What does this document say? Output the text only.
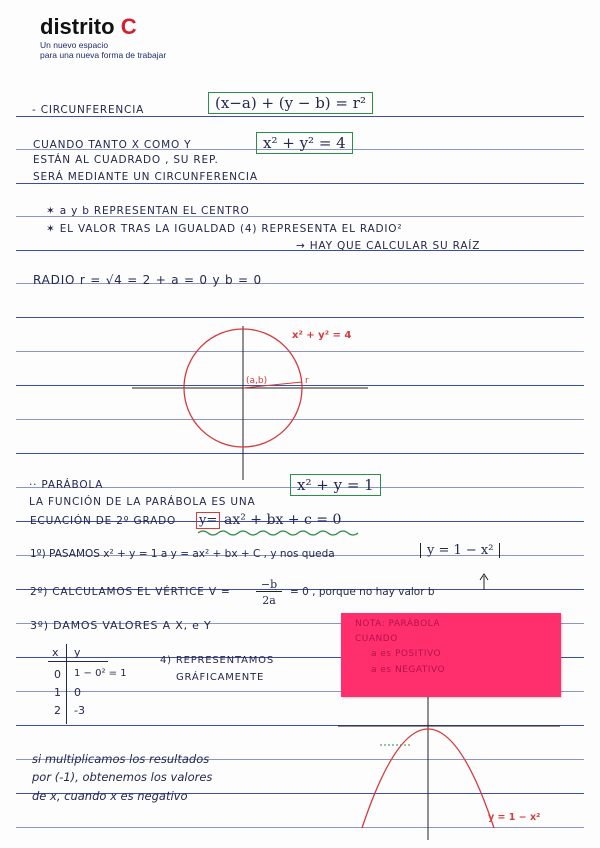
distrito C
Un nuevo espacio
para una nueva forma de trabajar
- CIRCUNFERENCIA	(x−a) + (y − b) = r²
CUANDO TANTO X COMO Y	x² + y² = 4
ESTÁN AL CUADRADO , SU REP.
SERÁ MEDIANTE UN CIRCUNFERENCIA
✶ a y b REPRESENTAN EL CENTRO
✶ EL VALOR TRAS LA IGUALDAD (4) REPRESENTA EL RADIO²
→ HAY QUE CALCULAR SU RAÍZ
RADIO r = √4 = 2 + a = 0 y b = 0
x² + y² = 4
(a,b)	r
·· PARÁBOLA	x² + y = 1
LA FUNCIÓN DE LA PARÁBOLA ES UNA
ECUACIÓN DE 2º GRADO y= ax² + bx + c = 0
1º) PASAMOS x² + y = 1 a y = ax² + bx + C , y nos queda	y = 1 − x²
2º) CALCULAMOS EL VÉRTICE V =
−b
2a
= 0 , porque no hay valor b
3º) DAMOS VALORES A X, e Y
x y
0 1 − 0² = 1
1 0
2 -3
4) REPRESENTAMOS
GRÁFICAMENTE
si multiplicamos los resultados
por (-1), obtenemos los valores
de x, cuando x es negativo
y = 1 − x²
NOTA: PARÁBOLA
CUANDO
a es POSITIVO
a es NEGATIVO
